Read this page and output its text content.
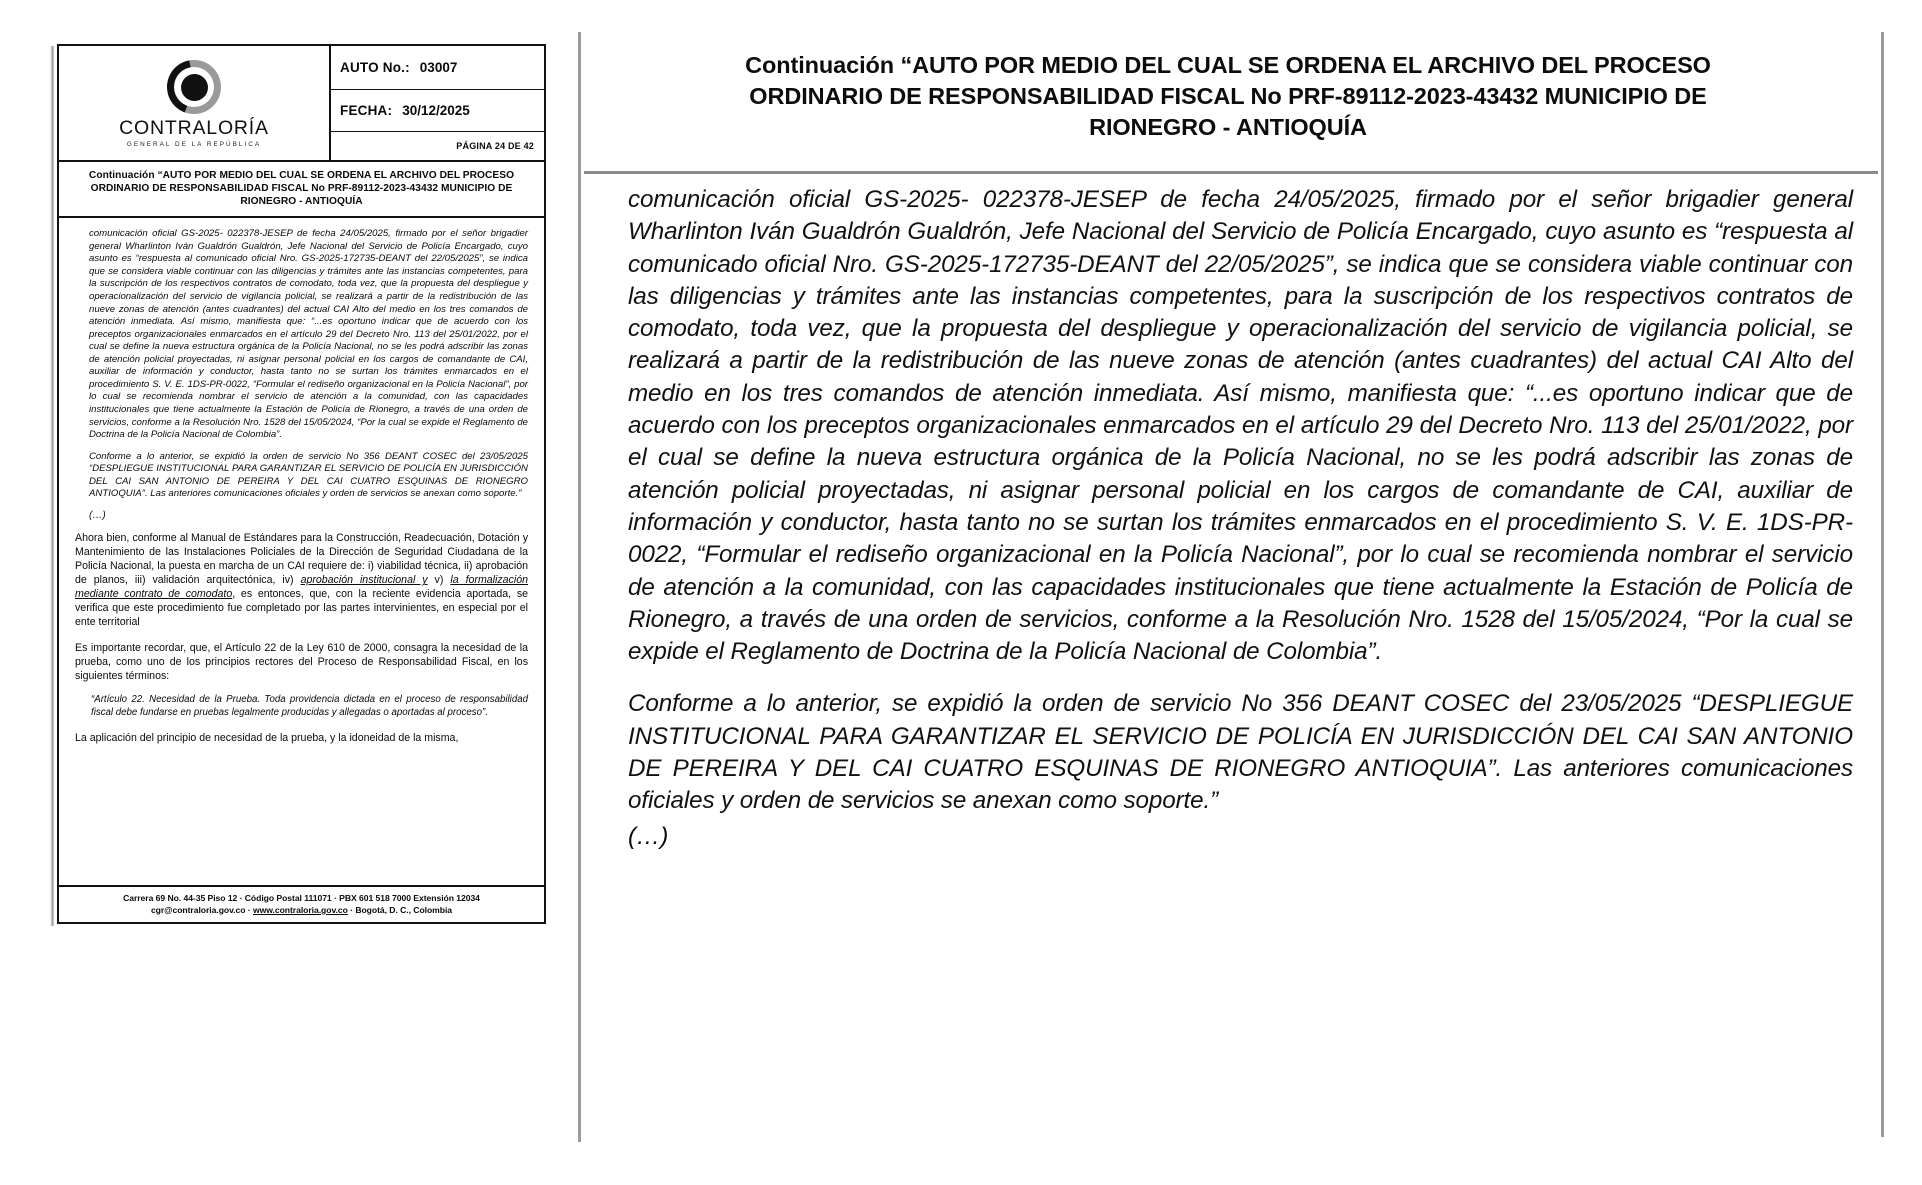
CONTRALORÍA
GENERAL DE LA REPÚBLICA
AUTO No.: 03007
FECHA: 30/12/2025
PÁGINA 24 DE 42
Continuación “AUTO POR MEDIO DEL CUAL SE ORDENA EL ARCHIVO DEL PROCESO
ORDINARIO DE RESPONSABILIDAD FISCAL No PRF-89112-2023-43432 MUNICIPIO DE
RIONEGRO - ANTIOQUÍA

comunicación oficial GS-2025- 022378-JESEP de fecha 24/05/2025, firmado por el señor brigadier general Wharlinton Iván Gualdrón Gualdrón, Jefe Nacional del Servicio de Policía Encargado, cuyo asunto es “respuesta al comunicado oficial Nro. GS-2025-172735-DEANT del 22/05/2025”, se indica que se considera viable continuar con las diligencias y trámites ante las instancias competentes, para la suscripción de los respectivos contratos de comodato, toda vez, que la propuesta del despliegue y operacionalización del servicio de vigilancia policial, se realizará a partir de la redistribución de las nueve zonas de atención (antes cuadrantes) del actual CAI Alto del medio en los tres comandos de atención inmediata. Así mismo, manifiesta que: “...es oportuno indicar que de acuerdo con los preceptos organizacionales enmarcados en el artículo 29 del Decreto Nro. 113 del 25/01/2022, por el cual se define la nueva estructura orgánica de la Policía Nacional, no se les podrá adscribir las zonas de atención policial proyectadas, ni asignar personal policial en los cargos de comandante de CAI, auxiliar de información y conductor, hasta tanto no se surtan los trámites enmarcados en el procedimiento S. V. E. 1DS-PR-0022, “Formular el rediseño organizacional en la Policía Nacional”, por lo cual se recomienda nombrar el servicio de atención a la comunidad, con las capacidades institucionales que tiene actualmente la Estación de Policía de Rionegro, a través de una orden de servicios, conforme a la Resolución Nro. 1528 del 15/05/2024, “Por la cual se expide el Reglamento de Doctrina de la Policía Nacional de Colombia”.

Conforme a lo anterior, se expidió la orden de servicio No 356 DEANT COSEC del 23/05/2025 “DESPLIEGUE INSTITUCIONAL PARA GARANTIZAR EL SERVICIO DE POLICÍA EN JURISDICCIÓN DEL CAI SAN ANTONIO DE PEREIRA Y DEL CAI CUATRO ESQUINAS DE RIONEGRO ANTIOQUIA”. Las anteriores comunicaciones oficiales y orden de servicios se anexan como soporte.”

(…)

Ahora bien, conforme al Manual de Estándares para la Construcción, Readecuación, Dotación y Mantenimiento de las Instalaciones Policiales de la Dirección de Seguridad Ciudadana de la Policía Nacional, la puesta en marcha de un CAI requiere de: i) viabilidad técnica, ii) aprobación de planos, iii) validación arquitectónica, iv) aprobación institucional y v) la formalización mediante contrato de comodato, es entonces, que, con la reciente evidencia aportada, se verifica que este procedimiento fue completado por las partes intervinientes, en especial por el ente territorial

Es importante recordar, que, el Artículo 22 de la Ley 610 de 2000, consagra la necesidad de la prueba, como uno de los principios rectores del Proceso de Responsabilidad Fiscal, en los siguientes términos:

“Artículo 22. Necesidad de la Prueba. Toda providencia dictada en el proceso de responsabilidad fiscal debe fundarse en pruebas legalmente producidas y allegadas o aportadas al proceso”.

La aplicación del principio de necesidad de la prueba, y la idoneidad de la misma,

Carrera 69 No. 44-35 Piso 12 · Código Postal 111071 · PBX 601 518 7000 Extensión 12034
cgr@contraloria.gov.co · www.contraloria.gov.co · Bogotá, D. C., Colombia
Continuación “AUTO POR MEDIO DEL CUAL SE ORDENA EL ARCHIVO DEL PROCESO
ORDINARIO DE RESPONSABILIDAD FISCAL No PRF-89112-2023-43432 MUNICIPIO DE
RIONEGRO - ANTIOQUÍA

comunicación oficial GS-2025- 022378-JESEP de fecha 24/05/2025, firmado por el señor brigadier general Wharlinton Iván Gualdrón Gualdrón, Jefe Nacional del Servicio de Policía Encargado, cuyo asunto es “respuesta al comunicado oficial Nro. GS-2025-172735-DEANT del 22/05/2025”, se indica que se considera viable continuar con las diligencias y trámites ante las instancias competentes, para la suscripción de los respectivos contratos de comodato, toda vez, que la propuesta del despliegue y operacionalización del servicio de vigilancia policial, se realizará a partir de la redistribución de las nueve zonas de atención (antes cuadrantes) del actual CAI Alto del medio en los tres comandos de atención inmediata. Así mismo, manifiesta que: “...es oportuno indicar que de acuerdo con los preceptos organizacionales enmarcados en el artículo 29 del Decreto Nro. 113 del 25/01/2022, por el cual se define la nueva estructura orgánica de la Policía Nacional, no se les podrá adscribir las zonas de atención policial proyectadas, ni asignar personal policial en los cargos de comandante de CAI, auxiliar de información y conductor, hasta tanto no se surtan los trámites enmarcados en el procedimiento S. V. E. 1DS-PR-0022, “Formular el rediseño organizacional en la Policía Nacional”, por lo cual se recomienda nombrar el servicio de atención a la comunidad, con las capacidades institucionales que tiene actualmente la Estación de Policía de Rionegro, a través de una orden de servicios, conforme a la Resolución Nro. 1528 del 15/05/2024, “Por la cual se expide el Reglamento de Doctrina de la Policía Nacional de Colombia”.

Conforme a lo anterior, se expidió la orden de servicio No 356 DEANT COSEC del 23/05/2025 “DESPLIEGUE INSTITUCIONAL PARA GARANTIZAR EL SERVICIO DE POLICÍA EN JURISDICCIÓN DEL CAI SAN ANTONIO DE PEREIRA Y DEL CAI CUATRO ESQUINAS DE RIONEGRO ANTIOQUIA”. Las anteriores comunicaciones oficiales y orden de servicios se anexan como soporte.”

(…)
